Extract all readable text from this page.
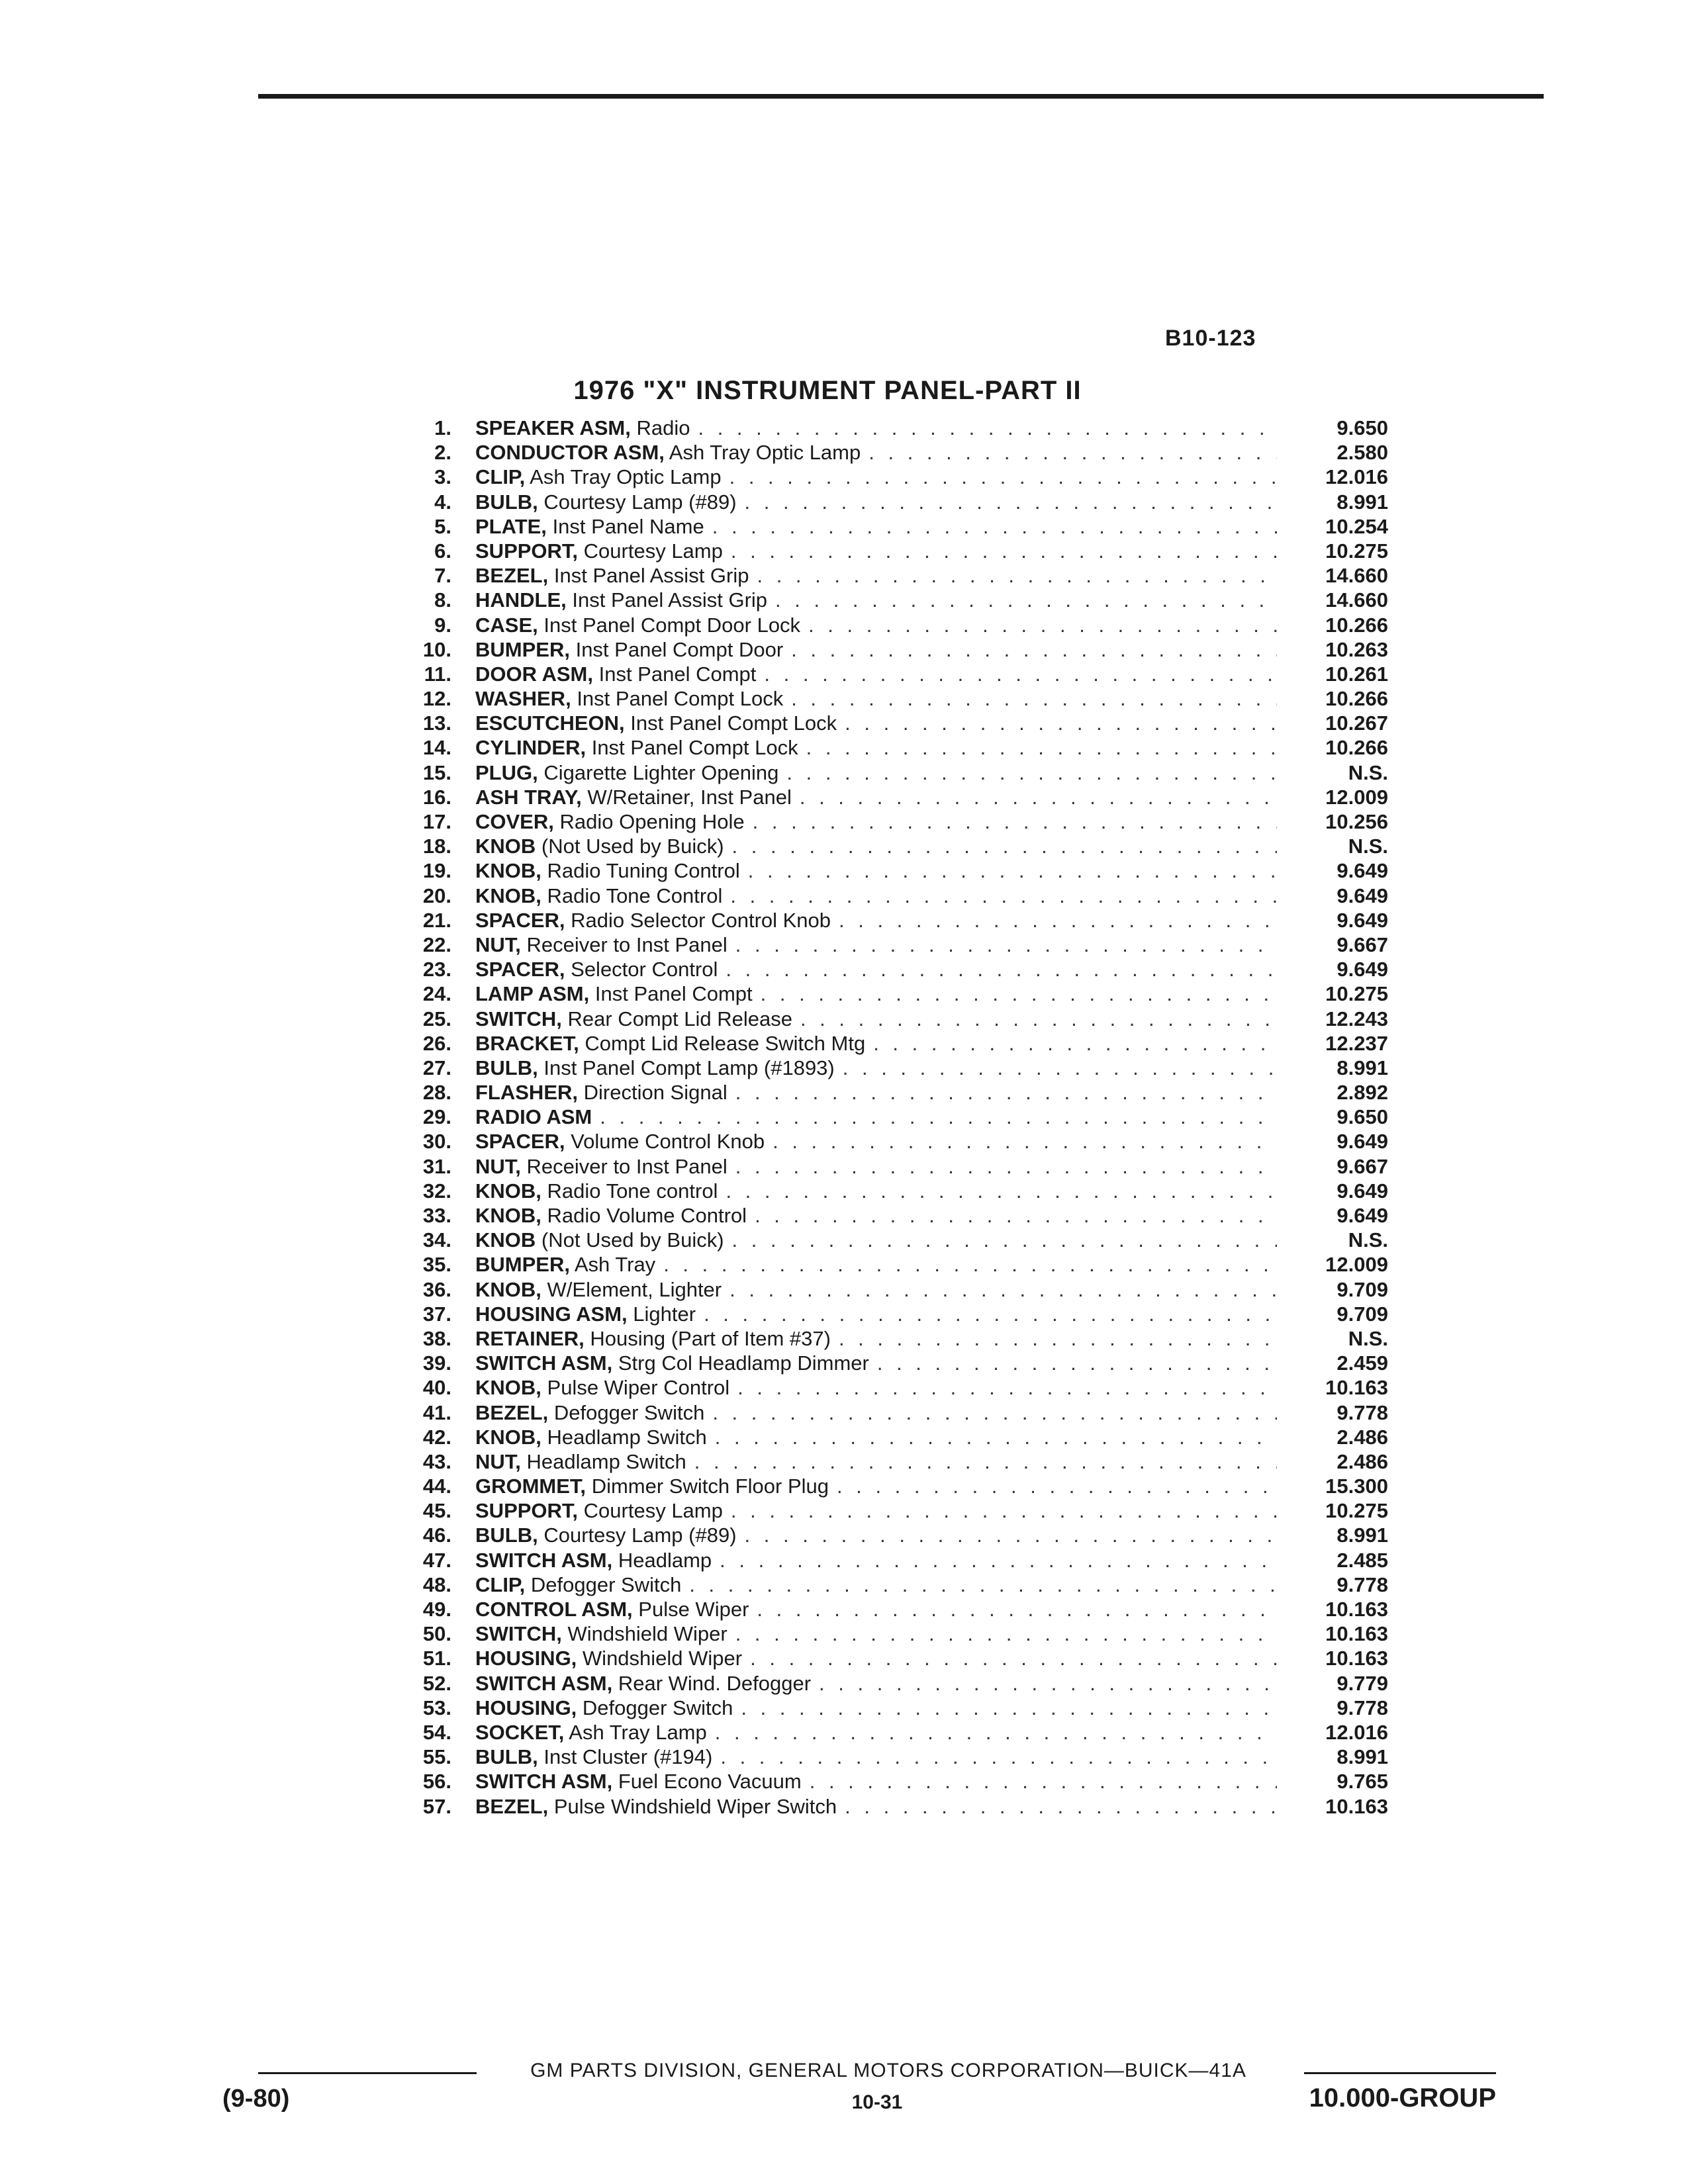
B10-123
1976 "X" INSTRUMENT PANEL-PART II
1.	SPEAKER ASM, Radio . . .	9.650
2.	CONDUCTOR ASM, Ash Tray Optic Lamp . . .	2.580
3.	CLIP, Ash Tray Optic Lamp . . .	12.016
4.	BULB, Courtesy Lamp (#89) . . .	8.991
5.	PLATE, Inst Panel Name . . .	10.254
6.	SUPPORT, Courtesy Lamp . . .	10.275
7.	BEZEL, Inst Panel Assist Grip . . .	14.660
8.	HANDLE, Inst Panel Assist Grip . . .	14.660
9.	CASE, Inst Panel Compt Door Lock . . .	10.266
10.	BUMPER, Inst Panel Compt Door . . .	10.263
11.	DOOR ASM, Inst Panel Compt . . .	10.261
12.	WASHER, Inst Panel Compt Lock . . .	10.266
13.	ESCUTCHEON, Inst Panel Compt Lock . . .	10.267
14.	CYLINDER, Inst Panel Compt Lock . . .	10.266
15.	PLUG, Cigarette Lighter Opening . . .	N.S.
16.	ASH TRAY, W/Retainer, Inst Panel . . .	12.009
17.	COVER, Radio Opening Hole . . .	10.256
18.	KNOB (Not Used by Buick) . . .	N.S.
19.	KNOB, Radio Tuning Control . . .	9.649
20.	KNOB, Radio Tone Control . . .	9.649
21.	SPACER, Radio Selector Control Knob . . .	9.649
22.	NUT, Receiver to Inst Panel . . .	9.667
23.	SPACER, Selector Control . . .	9.649
24.	LAMP ASM, Inst Panel Compt . . .	10.275
25.	SWITCH, Rear Compt Lid Release . . .	12.243
26.	BRACKET, Compt Lid Release Switch Mtg . . .	12.237
27.	BULB, Inst Panel Compt Lamp (#1893) . . .	8.991
28.	FLASHER, Direction Signal . . .	2.892
29.	RADIO ASM . . .	9.650
30.	SPACER, Volume Control Knob . . .	9.649
31.	NUT, Receiver to Inst Panel . . .	9.667
32.	KNOB, Radio Tone control . . .	9.649
33.	KNOB, Radio Volume Control . . .	9.649
34.	KNOB (Not Used by Buick) . . .	N.S.
35.	BUMPER, Ash Tray . . .	12.009
36.	KNOB, W/Element, Lighter . . .	9.709
37.	HOUSING ASM, Lighter . . .	9.709
38.	RETAINER, Housing (Part of Item #37) . . .	N.S.
39.	SWITCH ASM, Strg Col Headlamp Dimmer . . .	2.459
40.	KNOB, Pulse Wiper Control . . .	10.163
41.	BEZEL, Defogger Switch . . .	9.778
42.	KNOB, Headlamp Switch . . .	2.486
43.	NUT, Headlamp Switch . . .	2.486
44.	GROMMET, Dimmer Switch Floor Plug . . .	15.300
45.	SUPPORT, Courtesy Lamp . . .	10.275
46.	BULB, Courtesy Lamp (#89) . . .	8.991
47.	SWITCH ASM, Headlamp . . .	2.485
48.	CLIP, Defogger Switch . . .	9.778
49.	CONTROL ASM, Pulse Wiper . . .	10.163
50.	SWITCH, Windshield Wiper . . .	10.163
51.	HOUSING, Windshield Wiper . . .	10.163
52.	SWITCH ASM, Rear Wind. Defogger . . .	9.779
53.	HOUSING, Defogger Switch . . .	9.778
54.	SOCKET, Ash Tray Lamp . . .	12.016
55.	BULB, Inst Cluster (#194) . . .	8.991
56.	SWITCH ASM, Fuel Econo Vacuum . . .	9.765
57.	BEZEL, Pulse Windshield Wiper Switch . . .	10.163
GM PARTS DIVISION, GENERAL MOTORS CORPORATION—BUICK—41A
(9-80)	10-31	10.000-GROUP
